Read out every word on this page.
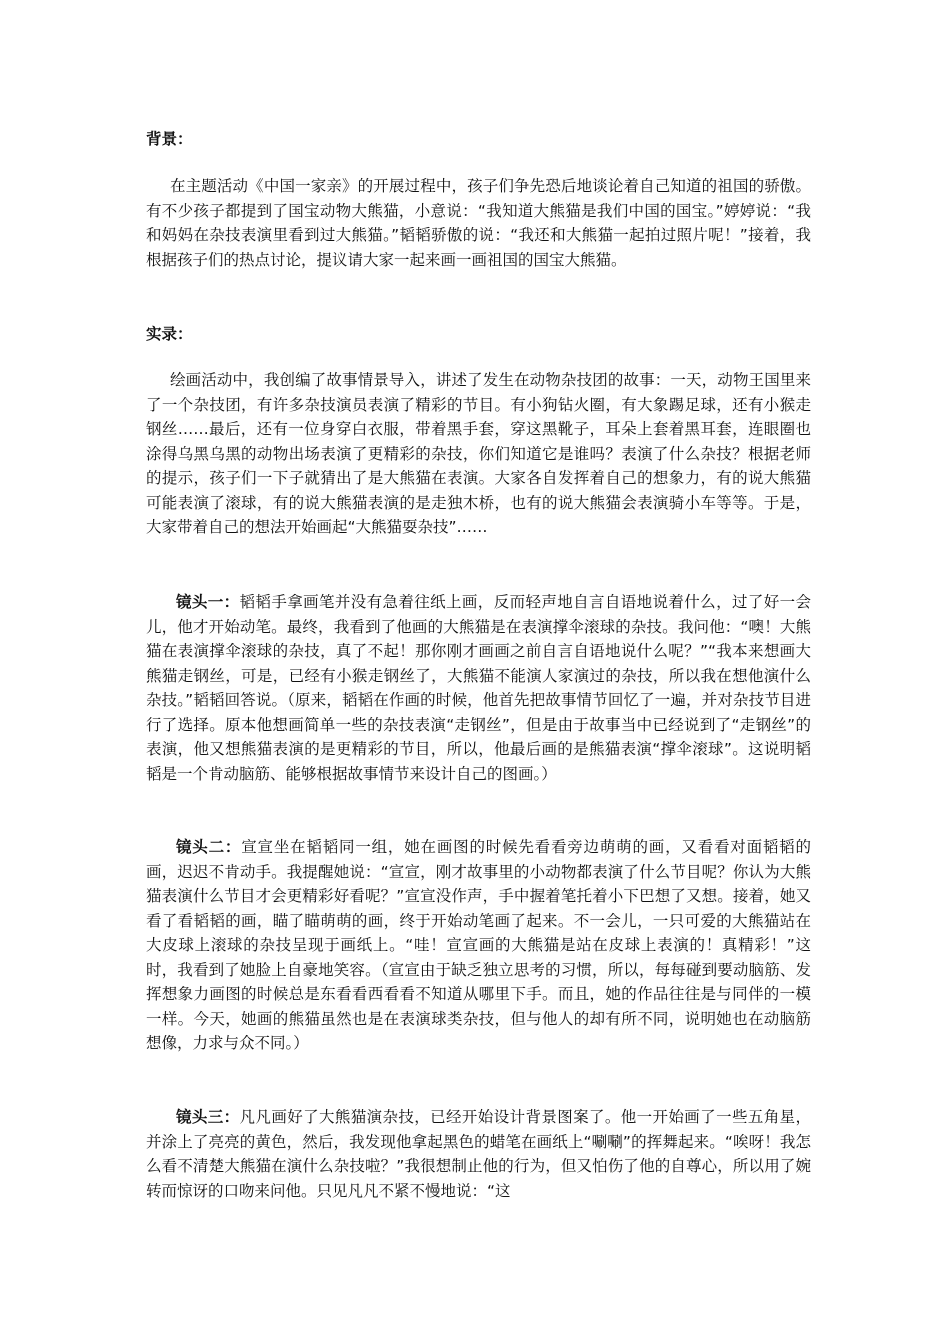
背景：

在主题活动《中国一家亲》的开展过程中，孩子们争先恐后地谈论着自己知道的祖国的骄傲。有不少孩子都提到了国宝动物大熊猫，小意说：“我知道大熊猫是我们中国的国宝。”婷婷说：“我和妈妈在杂技表演里看到过大熊猫。”韬韬骄傲的说：“我还和大熊猫一起拍过照片呢！”接着，我根据孩子们的热点讨论，提议请大家一起来画一画祖国的国宝大熊猫。

实录：

绘画活动中，我创编了故事情景导入，讲述了发生在动物杂技团的故事：一天，动物王国里来了一个杂技团，有许多杂技演员表演了精彩的节目。有小狗钻火圈，有大象踢足球，还有小猴走钢丝……最后，还有一位身穿白衣服，带着黑手套，穿这黑靴子，耳朵上套着黑耳套，连眼圈也涂得乌黑乌黑的动物出场表演了更精彩的杂技，你们知道它是谁吗？表演了什么杂技？根据老师的提示，孩子们一下子就猜出了是大熊猫在表演。大家各自发挥着自己的想象力，有的说大熊猫可能表演了滚球，有的说大熊猫表演的是走独木桥，也有的说大熊猫会表演骑小车等等。于是，大家带着自己的想法开始画起“大熊猫耍杂技”……

镜头一：韬韬手拿画笔并没有急着往纸上画，反而轻声地自言自语地说着什么，过了好一会儿，他才开始动笔。最终，我看到了他画的大熊猫是在表演撑伞滚球的杂技。我问他：“噢！大熊猫在表演撑伞滚球的杂技，真了不起！那你刚才画画之前自言自语地说什么呢？”“我本来想画大熊猫走钢丝，可是，已经有小猴走钢丝了，大熊猫不能演人家演过的杂技，所以我在想他演什么杂技。”韬韬回答说。（原来，韬韬在作画的时候，他首先把故事情节回忆了一遍，并对杂技节目进行了选择。原本他想画简单一些的杂技表演“走钢丝”，但是由于故事当中已经说到了“走钢丝”的表演，他又想熊猫表演的是更精彩的节目，所以，他最后画的是熊猫表演“撑伞滚球”。这说明韬韬是一个肯动脑筋、能够根据故事情节来设计自己的图画。）

镜头二：宣宣坐在韬韬同一组，她在画图的时候先看看旁边萌萌的画，又看看对面韬韬的画，迟迟不肯动手。我提醒她说：“宣宣，刚才故事里的小动物都表演了什么节目呢？你认为大熊猫表演什么节目才会更精彩好看呢？”宣宣没作声，手中握着笔托着小下巴想了又想。接着，她又看了看韬韬的画，瞄了瞄萌萌的画，终于开始动笔画了起来。不一会儿，一只可爱的大熊猫站在大皮球上滚球的杂技呈现于画纸上。“哇！宣宣画的大熊猫是站在皮球上表演的！真精彩！”这时，我看到了她脸上自豪地笑容。（宣宣由于缺乏独立思考的习惯，所以，每每碰到要动脑筋、发挥想象力画图的时候总是东看看西看看不知道从哪里下手。而且，她的作品往往是与同伴的一模一样。今天，她画的熊猫虽然也是在表演球类杂技，但与他人的却有所不同，说明她也在动脑筋想像，力求与众不同。）

镜头三：凡凡画好了大熊猫演杂技，已经开始设计背景图案了。他一开始画了一些五角星，并涂上了亮亮的黄色，然后，我发现他拿起黑色的蜡笔在画纸上“唰唰”的挥舞起来。“唉呀！我怎么看不清楚大熊猫在演什么杂技啦？”我很想制止他的行为，但又怕伤了他的自尊心，所以用了婉转而惊讶的口吻来问他。只见凡凡不紧不慢地说：“这
